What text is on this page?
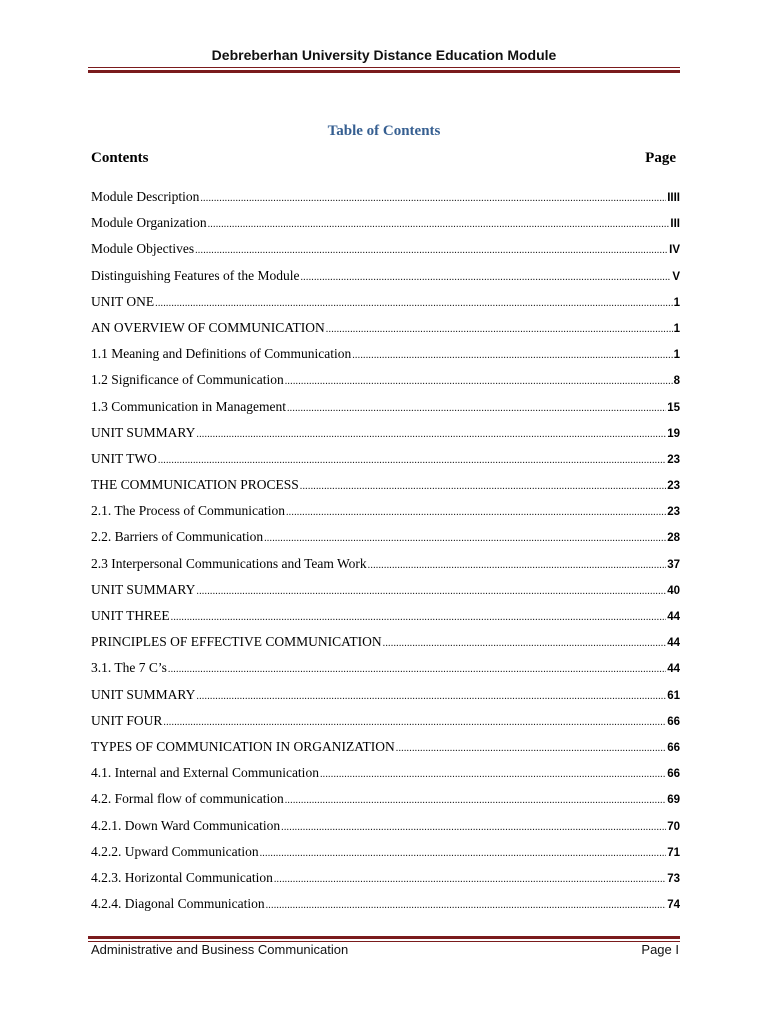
Debreberhan University Distance Education Module
Table of Contents
Contents	Page
Module Description .....	IIII
Module Organization .....	III
Module Objectives .....	IV
Distinguishing Features of the Module .....	V
UNIT ONE .....	1
AN OVERVIEW OF COMMUNICATION .....	1
1.1 Meaning and Definitions of Communication .....	1
1.2 Significance of Communication .....	8
1.3 Communication in Management .....	15
UNIT SUMMARY .....	19
UNIT TWO .....	23
THE COMMUNICATION PROCESS .....	23
2.1. The Process of Communication .....	23
2.2. Barriers of Communication .....	28
2.3 Interpersonal Communications and Team Work .....	37
UNIT SUMMARY .....	40
UNIT THREE .....	44
PRINCIPLES OF EFFECTIVE COMMUNICATION .....	44
3.1. The 7 C’s .....	44
UNIT SUMMARY .....	61
UNIT FOUR .....	66
TYPES OF COMMUNICATION IN ORGANIZATION .....	66
4.1. Internal and External Communication .....	66
4.2. Formal flow of communication .....	69
4.2.1. Down Ward Communication .....	70
4.2.2. Upward Communication .....	71
4.2.3. Horizontal Communication .....	73
4.2.4. Diagonal Communication .....	74
Administrative and Business Communication	Page I
